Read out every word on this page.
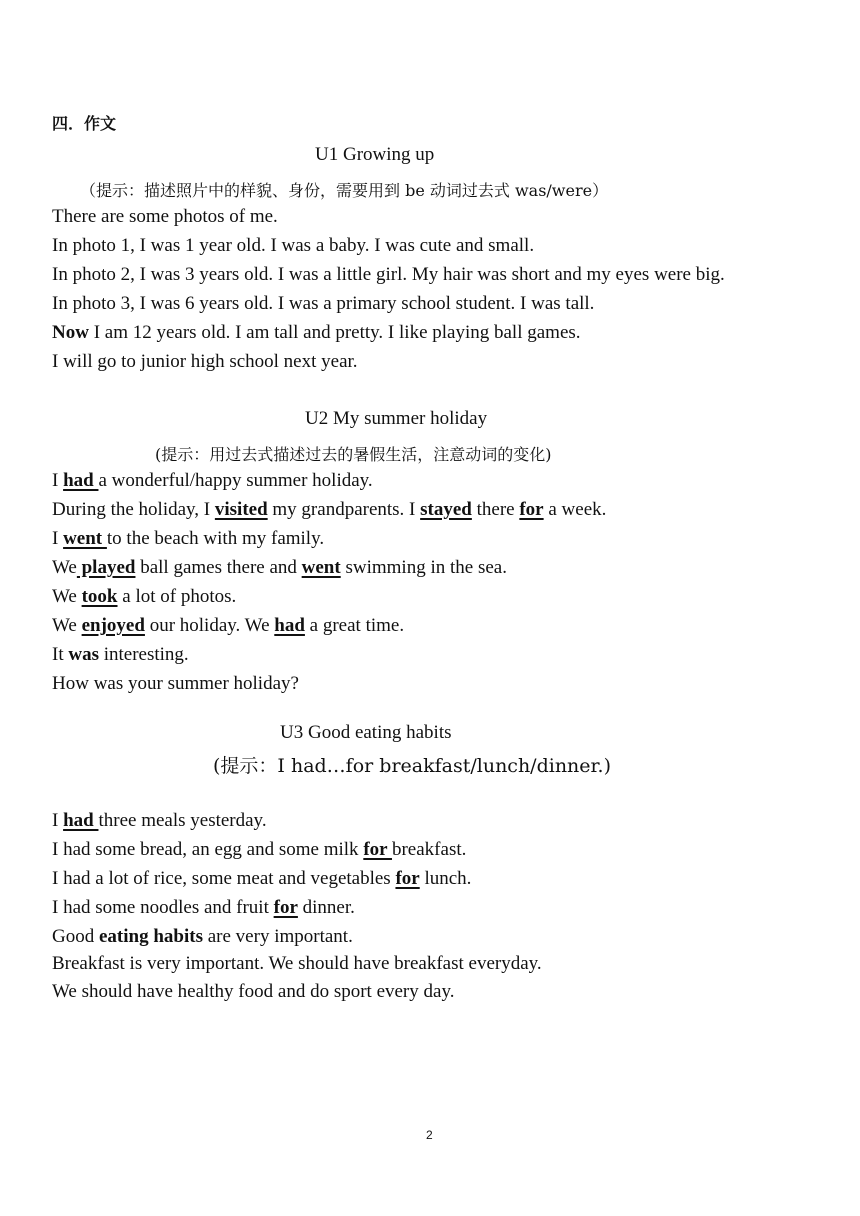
四．作文
U1 Growing up
（提示：描述照片中的样貌、身份，需要用到 be 动词过去式 was/were）
There are some photos of me.
In photo 1, I was 1 year old. I was a baby. I was cute and small.
In photo 2, I was 3 years old. I was a little girl. My hair was short and my eyes were big.
In photo 3, I was 6 years old. I was a primary school student. I was tall.
Now I am 12 years old. I am tall and pretty. I like playing ball games.
I will go to junior high school next year.
U2 My summer holiday
(提示：用过去式描述过去的暑假生活，注意动词的变化)
I had a wonderful/happy summer holiday.
During the holiday, I visited my grandparents. I stayed there for a week.
I went to the beach with my family.
We played ball games there and went swimming in the sea.
We took a lot of photos.
We enjoyed our holiday. We had a great time.
It was interesting.
How was your summer holiday?
U3 Good eating habits
(提示：I had…for breakfast/lunch/dinner.)
I had three meals yesterday.
I had some bread, an egg and some milk for breakfast.
I had a lot of rice, some meat and vegetables for lunch.
I had some noodles and fruit for dinner.
Good eating habits are very important.
Breakfast is very important. We should have breakfast everyday.
We should have healthy food and do sport every day.
2
